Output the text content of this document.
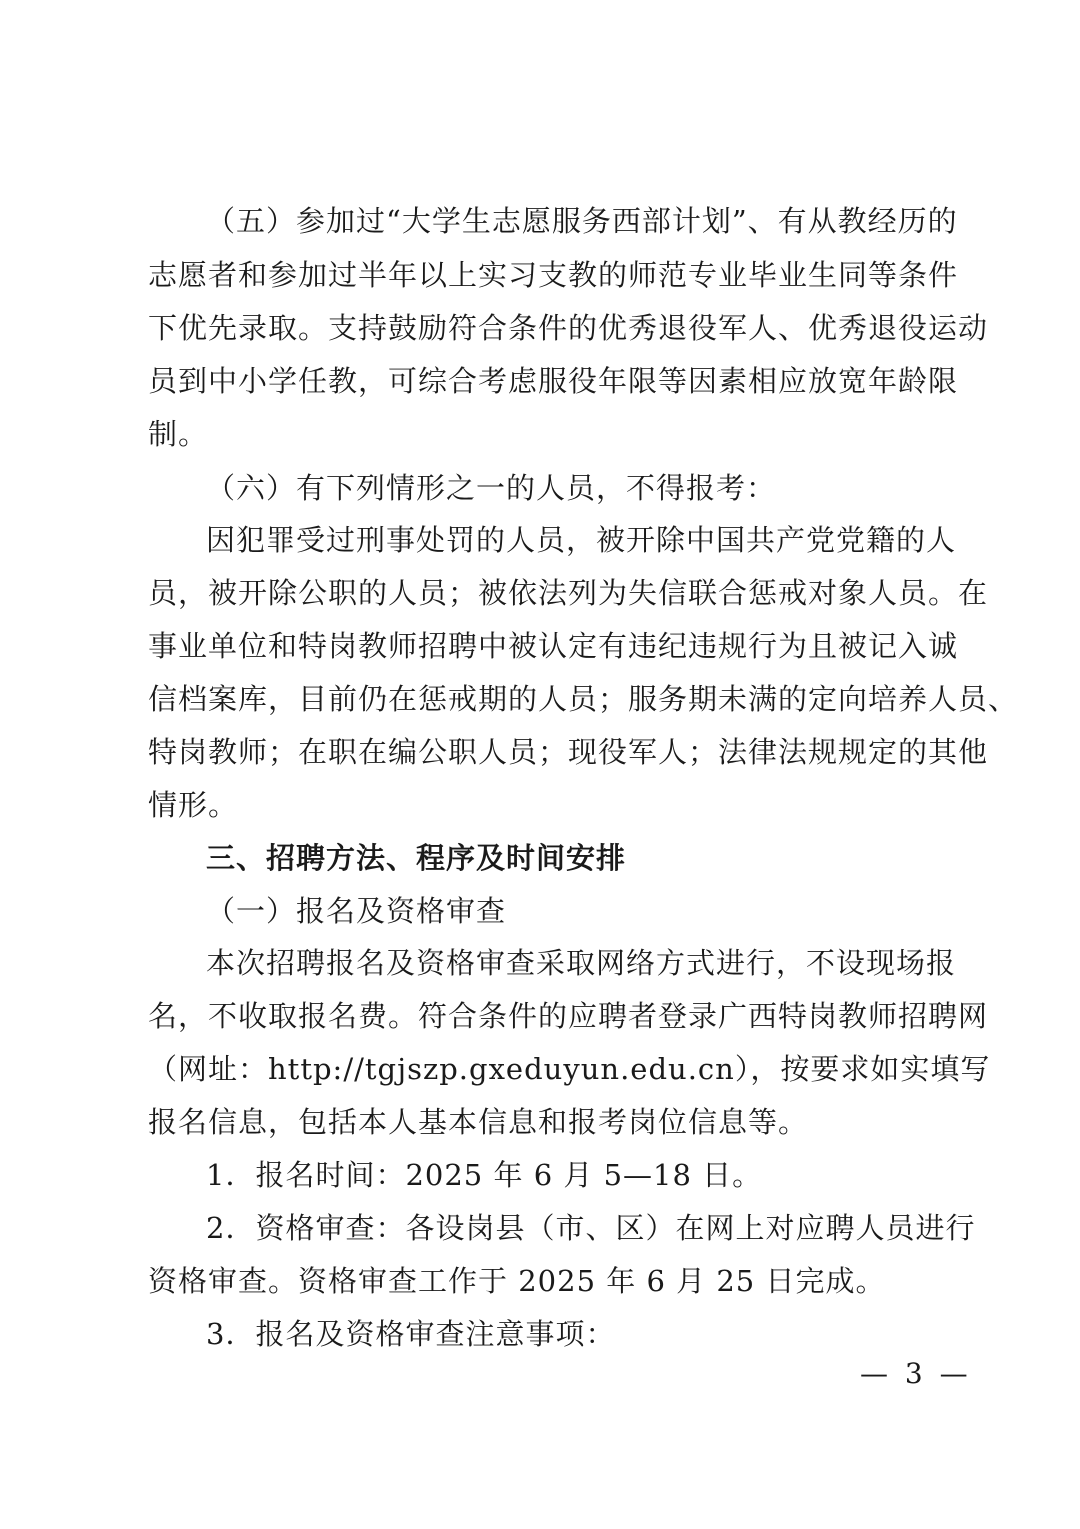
（五）参加过“大学生志愿服务西部计划”、有从教经历的
志愿者和参加过半年以上实习支教的师范专业毕业生同等条件
下优先录取。支持鼓励符合条件的优秀退役军人、优秀退役运动
员到中小学任教，可综合考虑服役年限等因素相应放宽年龄限
制。
（六）有下列情形之一的人员，不得报考：
因犯罪受过刑事处罚的人员，被开除中国共产党党籍的人
员，被开除公职的人员；被依法列为失信联合惩戒对象人员。在
事业单位和特岗教师招聘中被认定有违纪违规行为且被记入诚
信档案库，目前仍在惩戒期的人员；服务期未满的定向培养人员、
特岗教师；在职在编公职人员；现役军人；法律法规规定的其他
情形。
三、招聘方法、程序及时间安排
（一）报名及资格审查
本次招聘报名及资格审查采取网络方式进行，不设现场报
名，不收取报名费。符合条件的应聘者登录广西特岗教师招聘网
（网址：http://tgjszp.gxeduyun.edu.cn），按要求如实填写
报名信息，包括本人基本信息和报考岗位信息等。
1．报名时间：2025 年 6 月 5—18 日。
2．资格审查：各设岗县（市、区）在网上对应聘人员进行
资格审查。资格审查工作于 2025 年 6 月 25 日完成。
3．报名及资格审查注意事项：
— 3 —
